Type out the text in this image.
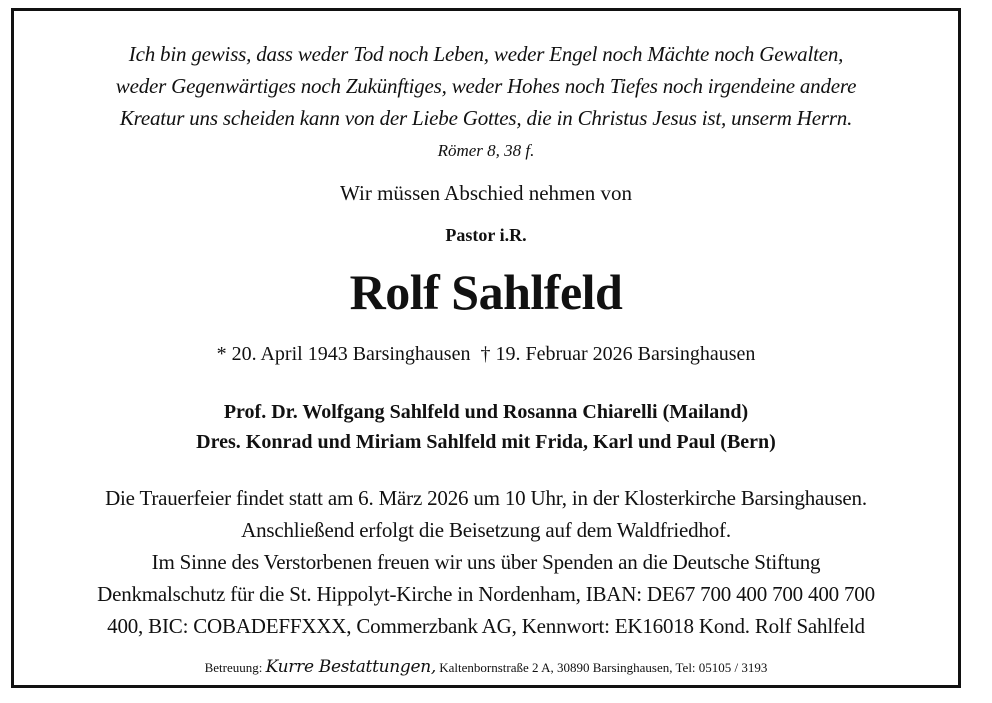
Ich bin gewiss, dass weder Tod noch Leben, weder Engel noch Mächte noch Gewalten,
weder Gegenwärtiges noch Zukünftiges, weder Hohes noch Tiefes noch irgendeine andere
Kreatur uns scheiden kann von der Liebe Gottes, die in Christus Jesus ist, unserm Herrn.
Römer 8, 38 f.
Wir müssen Abschied nehmen von
Pastor i.R.
Rolf Sahlfeld
* 20. April 1943 Barsinghausen  † 19. Februar 2026 Barsinghausen
Prof. Dr. Wolfgang Sahlfeld und Rosanna Chiarelli (Mailand)
Dres. Konrad und Miriam Sahlfeld mit Frida, Karl und Paul (Bern)
Die Trauerfeier findet statt am 6. März 2026 um 10 Uhr, in der Klosterkirche Barsinghausen.
Anschließend erfolgt die Beisetzung auf dem Waldfriedhof.
Im Sinne des Verstorbenen freuen wir uns über Spenden an die Deutsche Stiftung
Denkmalschutz für die St. Hippolyt-Kirche in Nordenham, IBAN: DE67 700 400 700 400 700
400, BIC: COBADEFFXXX, Commerzbank AG, Kennwort: EK16018 Kond. Rolf Sahlfeld
Betreuung: Kurre Bestattungen, Kaltenbornstraße 2 A, 30890 Barsinghausen, Tel: 05105 / 3193
